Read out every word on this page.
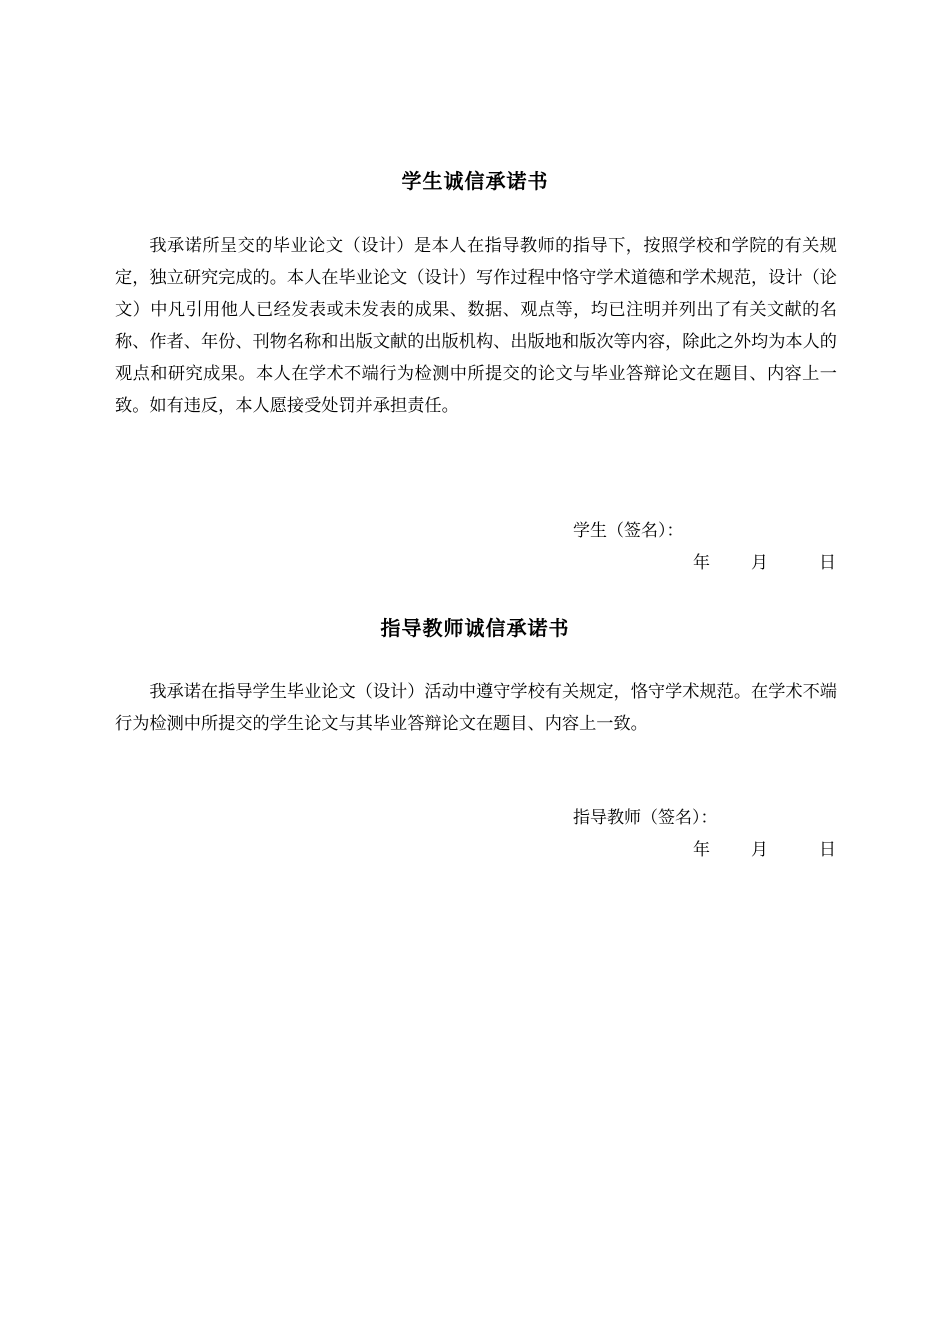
学生诚信承诺书
我承诺所呈交的毕业论文（设计）是本人在指导教师的指导下，按照学校和学院的有关规定，独立研究完成的。本人在毕业论文（设计）写作过程中恪守学术道德和学术规范，设计（论文）中凡引用他人已经发表或未发表的成果、数据、观点等，均已注明并列出了有关文献的名称、作者、年份、刊物名称和出版文献的出版机构、出版地和版次等内容，除此之外均为本人的观点和研究成果。本人在学术不端行为检测中所提交的论文与毕业答辩论文在题目、内容上一致。如有违反，本人愿接受处罚并承担责任。
学生（签名）：
年 月	日
指导教师诚信承诺书
我承诺在指导学生毕业论文（设计）活动中遵守学校有关规定，恪守学术规范。在学术不端行为检测中所提交的学生论文与其毕业答辩论文在题目、内容上一致。
指导教师（签名）：
年 月	日
